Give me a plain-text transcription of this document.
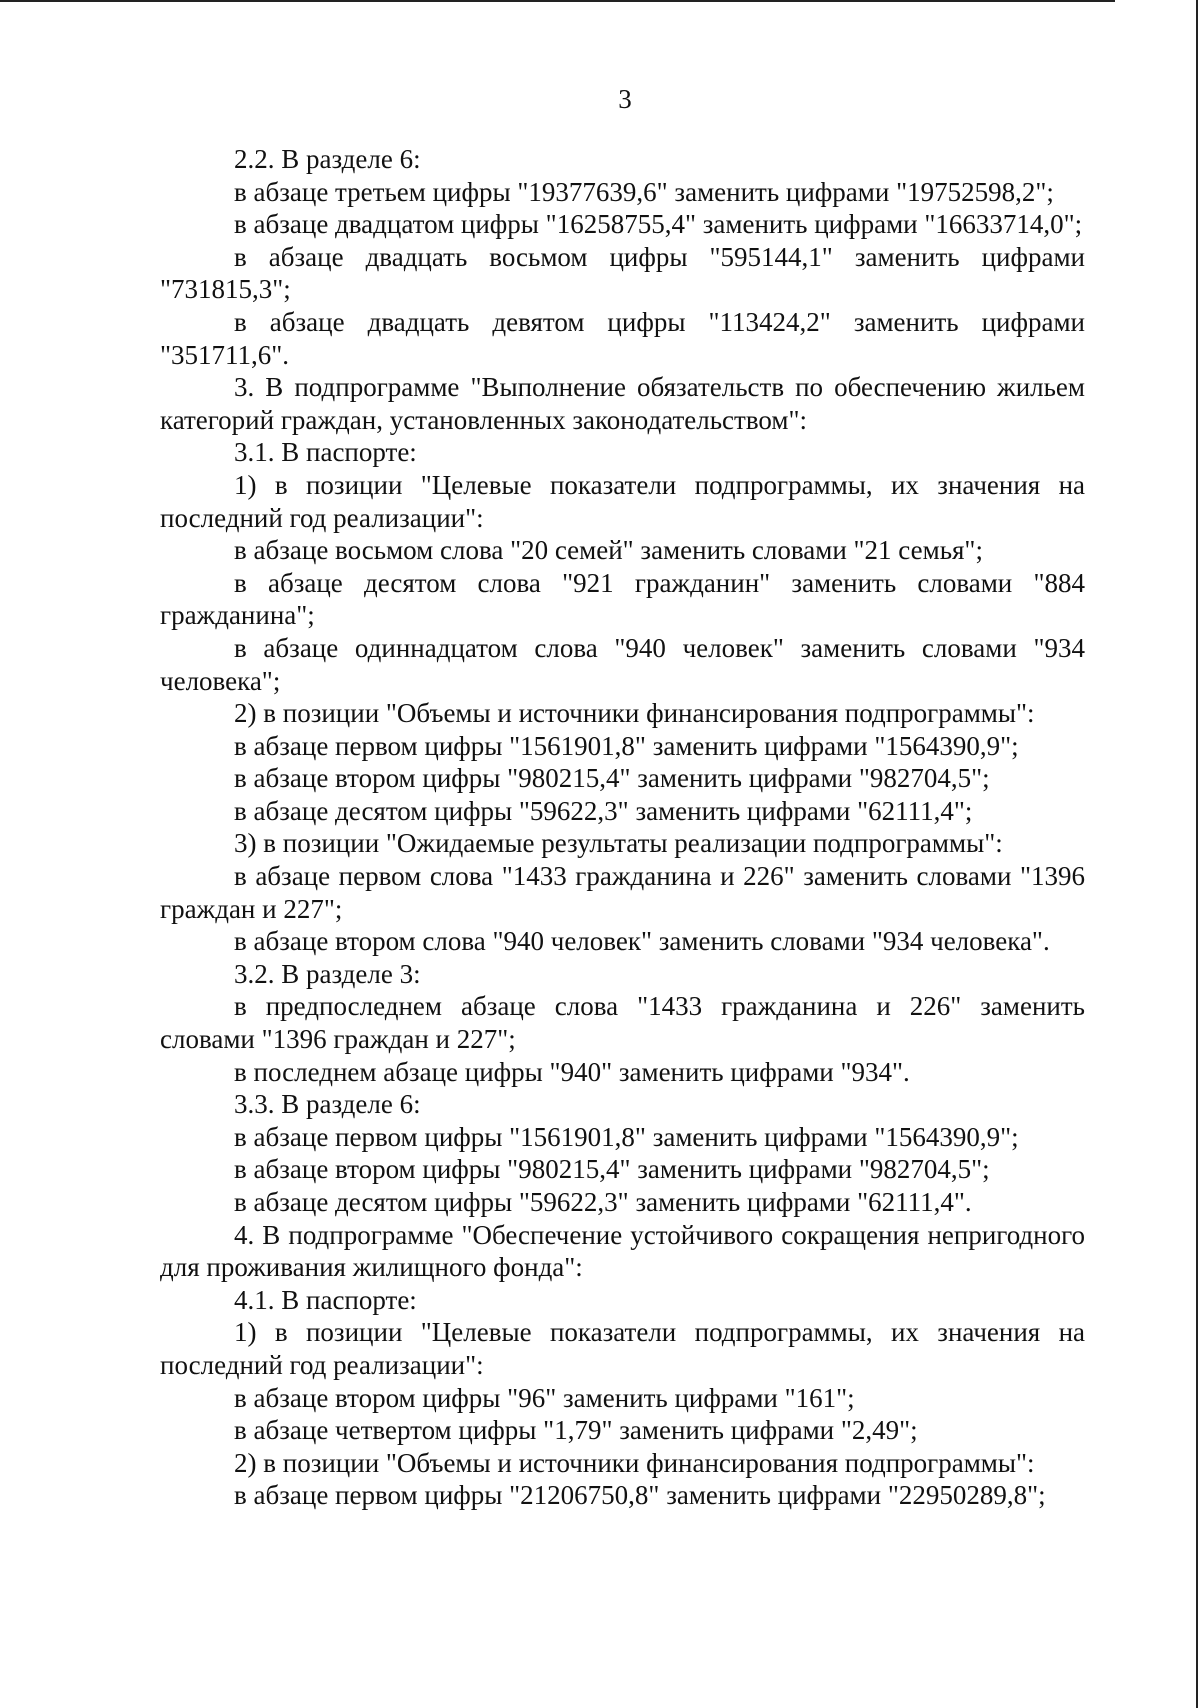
3

2.2. В разделе 6:

в абзаце третьем цифры "19377639,6" заменить цифрами "19752598,2";

в абзаце двадцатом цифры "16258755,4" заменить цифрами "16633714,0";

в абзаце двадцать восьмом цифры "595144,1" заменить цифрами "731815,3";

в абзаце двадцать девятом цифры "113424,2" заменить цифрами "351711,6".

3. В подпрограмме "Выполнение обязательств по обеспечению жильем категорий граждан, установленных законодательством":

3.1. В паспорте:

1) в позиции "Целевые показатели подпрограммы, их значения на последний год реализации":

в абзаце восьмом слова "20 семей" заменить словами "21 семья";

в абзаце десятом слова "921 гражданин" заменить словами "884 гражданина";

в абзаце одиннадцатом слова "940 человек" заменить словами "934 человека";

2) в позиции "Объемы и источники финансирования подпрограммы":

в абзаце первом цифры "1561901,8" заменить цифрами "1564390,9";

в абзаце втором цифры "980215,4" заменить цифрами "982704,5";

в абзаце десятом цифры "59622,3" заменить цифрами "62111,4";

3) в позиции "Ожидаемые результаты реализации подпрограммы":

в абзаце первом слова "1433 гражданина и 226" заменить словами "1396 граждан и 227";

в абзаце втором слова "940 человек" заменить словами "934 человека".

3.2. В разделе 3:

в предпоследнем абзаце слова "1433 гражданина и 226" заменить словами "1396 граждан и 227";

в последнем абзаце цифры "940" заменить цифрами "934".

3.3. В разделе 6:

в абзаце первом цифры "1561901,8" заменить цифрами "1564390,9";

в абзаце втором цифры "980215,4" заменить цифрами "982704,5";

в абзаце десятом цифры "59622,3" заменить цифрами "62111,4".

4. В подпрограмме "Обеспечение устойчивого сокращения непригодного для проживания жилищного фонда":

4.1. В паспорте:

1) в позиции "Целевые показатели подпрограммы, их значения на последний год реализации":

в абзаце втором цифры "96" заменить цифрами "161";

в абзаце четвертом цифры "1,79" заменить цифрами "2,49";

2) в позиции "Объемы и источники финансирования подпрограммы":

в абзаце первом цифры "21206750,8" заменить цифрами "22950289,8";
